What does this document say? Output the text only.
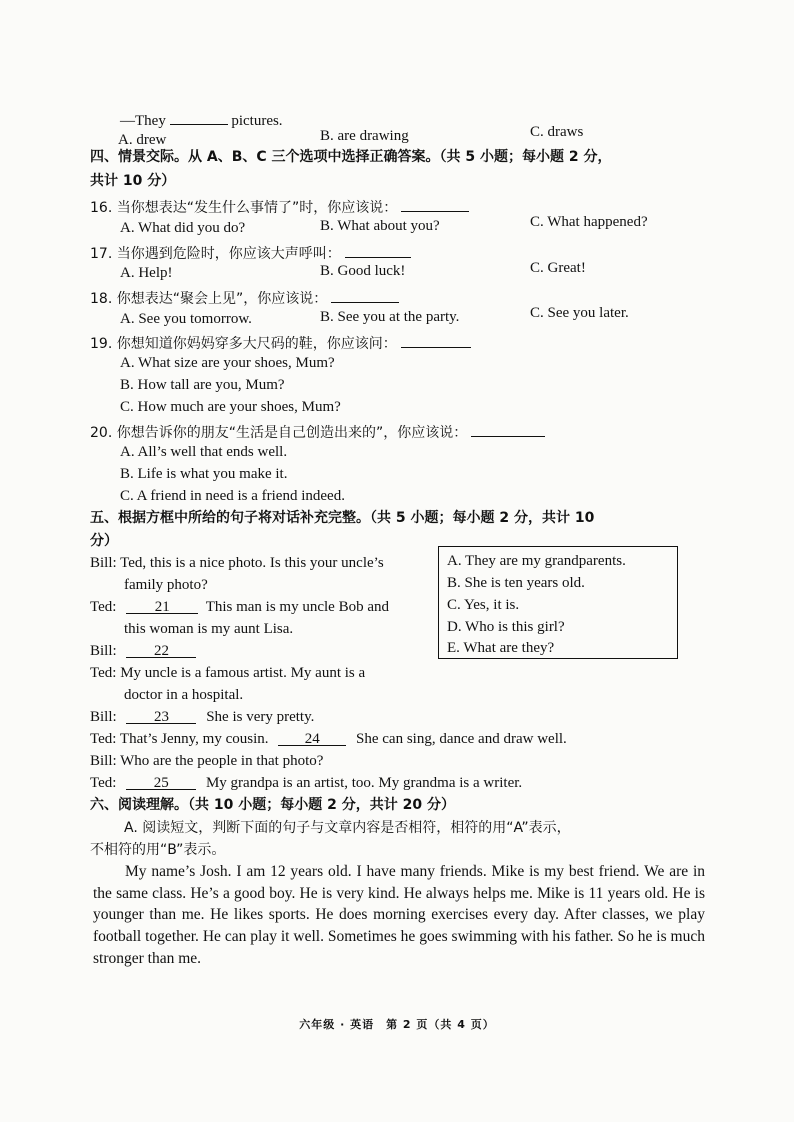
—They	pictures.
A. drew	B. are drawing	C. draws
四、情景交际。从 A、B、C 三个选项中选择正确答案。（共 5 小题；每小题 2 分，
共计 10 分）
16. 当你想表达“发生什么事情了”时，你应该说：
A. What did you do?	B. What about you?	C. What happened?
17. 当你遇到危险时，你应该大声呼叫：
A. Help!	B. Good luck!	C. Great!
18. 你想表达“聚会上见”，你应该说：
A. See you tomorrow.	B. See you at the party.	C. See you later.
19. 你想知道你妈妈穿多大尺码的鞋，你应该问：
A. What size are your shoes, Mum?
B. How tall are you, Mum?
C. How much are your shoes, Mum?
20. 你想告诉你的朋友“生活是自己创造出来的”，你应该说：
A. All’s well that ends well.
B. Life is what you make it.
C. A friend in need is a friend indeed.
五、根据方框中所给的句子将对话补充完整。（共 5 小题；每小题 2 分，共计 10
分）
A. They are my grandparents.
B. She is ten years old.
C. Yes, it is.
D. Who is this girl?
E. What are they?
Bill: Ted, this is a nice photo. Is this your uncle’s
family photo?
Ted:	21 This man is my uncle Bob and
this woman is my aunt Lisa.
Bill: 22
Ted: My uncle is a famous artist. My aunt is a
doctor in a hospital.
Bill: 23 She is very pretty.
Ted: That’s Jenny, my cousin. 24 She can sing, dance and draw well.
Bill: Who are the people in that photo?
Ted: 25 My grandpa is an artist, too. My grandma is a writer.
六、阅读理解。（共 10 小题；每小题 2 分，共计 20 分）
A. 阅读短文，判断下面的句子与文章内容是否相符，相符的用“A”表示，
不相符的用“B”表示。

My name’s Josh. I am 12 years old. I have many friends. Mike is my best friend. We are in the same class. He’s a good boy. He is very kind. He always helps me. Mike is 11 years old. He is younger than me. He likes sports. He does morning exercises every day. After classes, we play football together. He can play it well. Sometimes he goes swimming with his father. So he is much stronger than me.

六年级 · 英语　第 2 页（共 4 页）
